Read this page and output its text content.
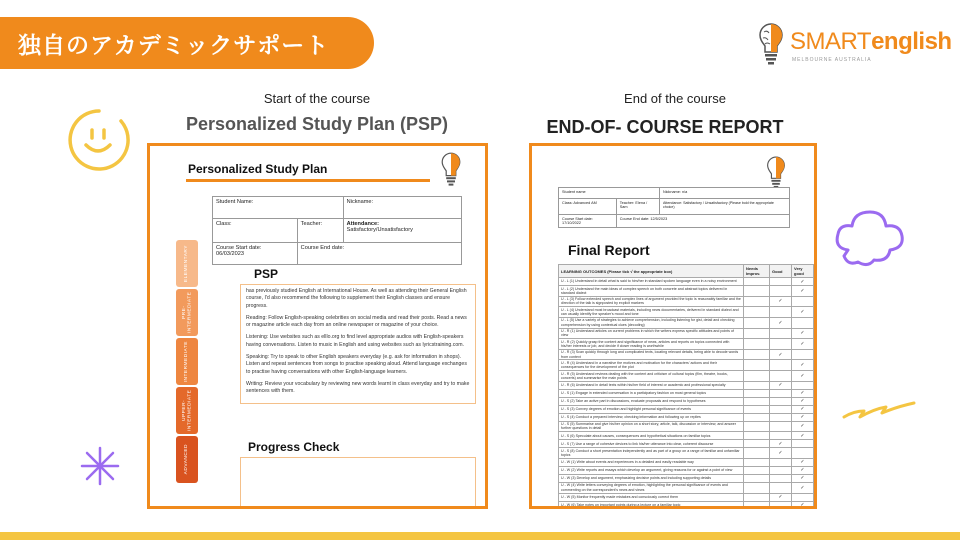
独自のアカデミックサポート	SMARTenglish
MELBOURNE AUSTRALIA
Start of the course
Personalized Study Plan (PSP)
Personalized Study Plan
Student Name:		Nickname:
Class:	Teacher:	Attendance:
Satisfactory/Unsatisfactory
Course Start date:
06/03/2023	Course End date:	
ELEMENTARY
PRE-INTERMEDIATE
INTERMEDIATE
UPPER-INTERMEDIATE
ADVANCED
PSP

has previously studied English at International House. As well as attending their General English course, I'd also recommend the following to supplement their English classes and ensure progress.

Reading: Follow English-speaking celebrities on social media and read their posts. Read a news or magazine article each day from an online newspaper or magazine of your choice.

Listening: Use websites such as elllo.org to find level appropriate audios with English-speakers having conversations. Listen to music in English and using websites such as lyricstraining.com.

Speaking: Try to speak to other English speakers everyday (e.g. ask for information in shops). Listen and repeat sentences from songs to practise speaking aloud. Attend language exchanges to practise having conversations with other English-language learners.

Writing: Review your vocabulary by reviewing new words learnt in class everyday and try to make sentences with them.

Progress Check
End of the course
END-OF- COURSE REPORT
Student name		Nickname: n/a
Class: Advanced AM	Teacher: Elena / Sam	Attendance: Satisfactory / Unsatisfactory (Please bold the appropriate choice)
Course Start date: 17/10/2022	Course End date: 12/5/2023	
Final Report
LEARNING OUTCOMES (Please tick √ the appropriate box)	Needs Improv.	Good	Very good
U - L (1) Understand in detail what is said to him/her in standard spoken language even in a noisy environment			✓
U - L (2) Understand the main ideas of complex speech on both concrete and abstract topics delivered in standard dialect			✓
U - L (3) Follow extended speech and complex lines of argument provided the topic is reasonably familiar and the direction of the talk is signposted by explicit markers		✓	
U - L (4) Understand most broadcast materials, including news documentaries, delivered in standard dialect and can usually identify the speaker's mood and tone			✓
U - L (5) Use a variety of strategies to achieve comprehension, including listening for gist, detail and checking comprehension by using contextual clues (decoding)		✓	
U - R (1) Understand articles on current problems in which the writers express specific attitudes and points of view			✓
U - R (2) Quickly grasp the content and significance of news, articles and reports on topics connected with his/her interests or job, and decide if closer reading is worthwhile			✓
U - R (3) Scan quickly through long and complicated texts, locating relevant details, being able to decode words from context		✓	
U - R (4) Understand in a narrative the motives and motivation for the characters' actions and their consequences for the development of the plot			✓
U - R (5) Understand reviews dealing with the content and criticism of cultural topics (film, theatre, books, concerts) and summarise the main points			✓
U - R (6) Understand in detail texts within his/her field of interest or academic and professional specialty		✓	
U - S (1) Engage in extended conversation in a participatory fashion on most general topics			✓
U - S (2) Take an active part in discussions, evaluate proposals and respond to hypotheses			✓
U - S (3) Convey degrees of emotion and highlight personal significance of events			✓
U - S (4) Conduct a prepared interview, checking information and following up on replies			✓
U - S (5) Summarise and give his/her opinion on a short story, article, talk, discussion or interview, and answer further questions in detail			✓
U - S (6) Speculate about causes, consequences and hypothetical situations on familiar topics			✓
U - S (7) Use a range of cohesive devices to link his/her utterance into clear, coherent discourse		✓	
U - S (8) Conduct a short presentation independently and as part of a group on a range of familiar and unfamiliar topics		✓	
U - W (1) Write about events and experiences in a detailed and easily readable way			✓
U - W (2) Write reports and essays which develop an argument, giving reasons for or against a point of view			✓
U - W (3) Develop and argument, emphasizing decisive points and including supporting details			✓
U - W (4) Write letters conveying degrees of emotion, highlighting the personal significance of events and commenting on the correspondent's news and views			✓
U - W (5) Monitor frequently made mistakes and consciously correct them		✓	
U - W (6) Take notes on important points during a lecture on a familiar topic			✓
